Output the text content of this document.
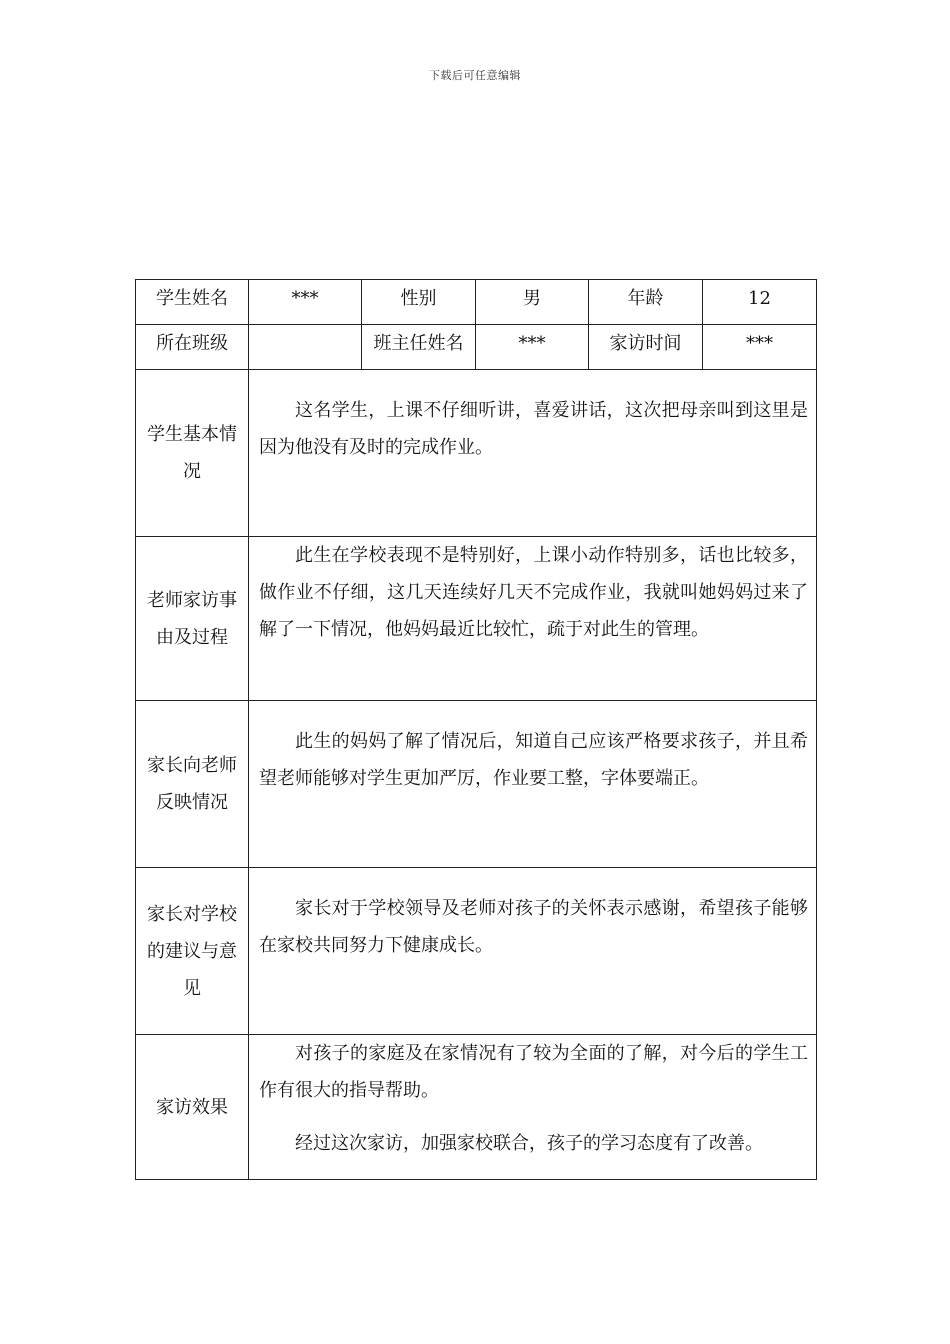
下载后可任意编辑
学生姓名	***	性别	男	年龄	12
所在班级		班主任姓名	***	家访时间	***
学生基本情况	这名学生，上课不仔细听讲，喜爱讲话，这次把母亲叫到这里是因为他没有及时的完成作业。				

老师家访事由及过程	此生在学校表现不是特别好，上课小动作特别多，话也比较多，做作业不仔细，这几天连续好几天不完成作业，我就叫她妈妈过来了解了一下情况，他妈妈最近比较忙，疏于对此生的管理。				

家长向老师反映情况	此生的妈妈了解了情况后，知道自己应该严格要求孩子，并且希望老师能够对学生更加严厉，作业要工整，字体要端正。				

家长对学校的建议与意见	家长对于学校领导及老师对孩子的关怀表示感谢，希望孩子能够在家校共同努力下健康成长。				

家访效果	对孩子的家庭及在家情况有了较为全面的了解，对今后的学生工作有很大的指导帮助。

经过这次家访，加强家校联合，孩子的学习态度有了改善。				
